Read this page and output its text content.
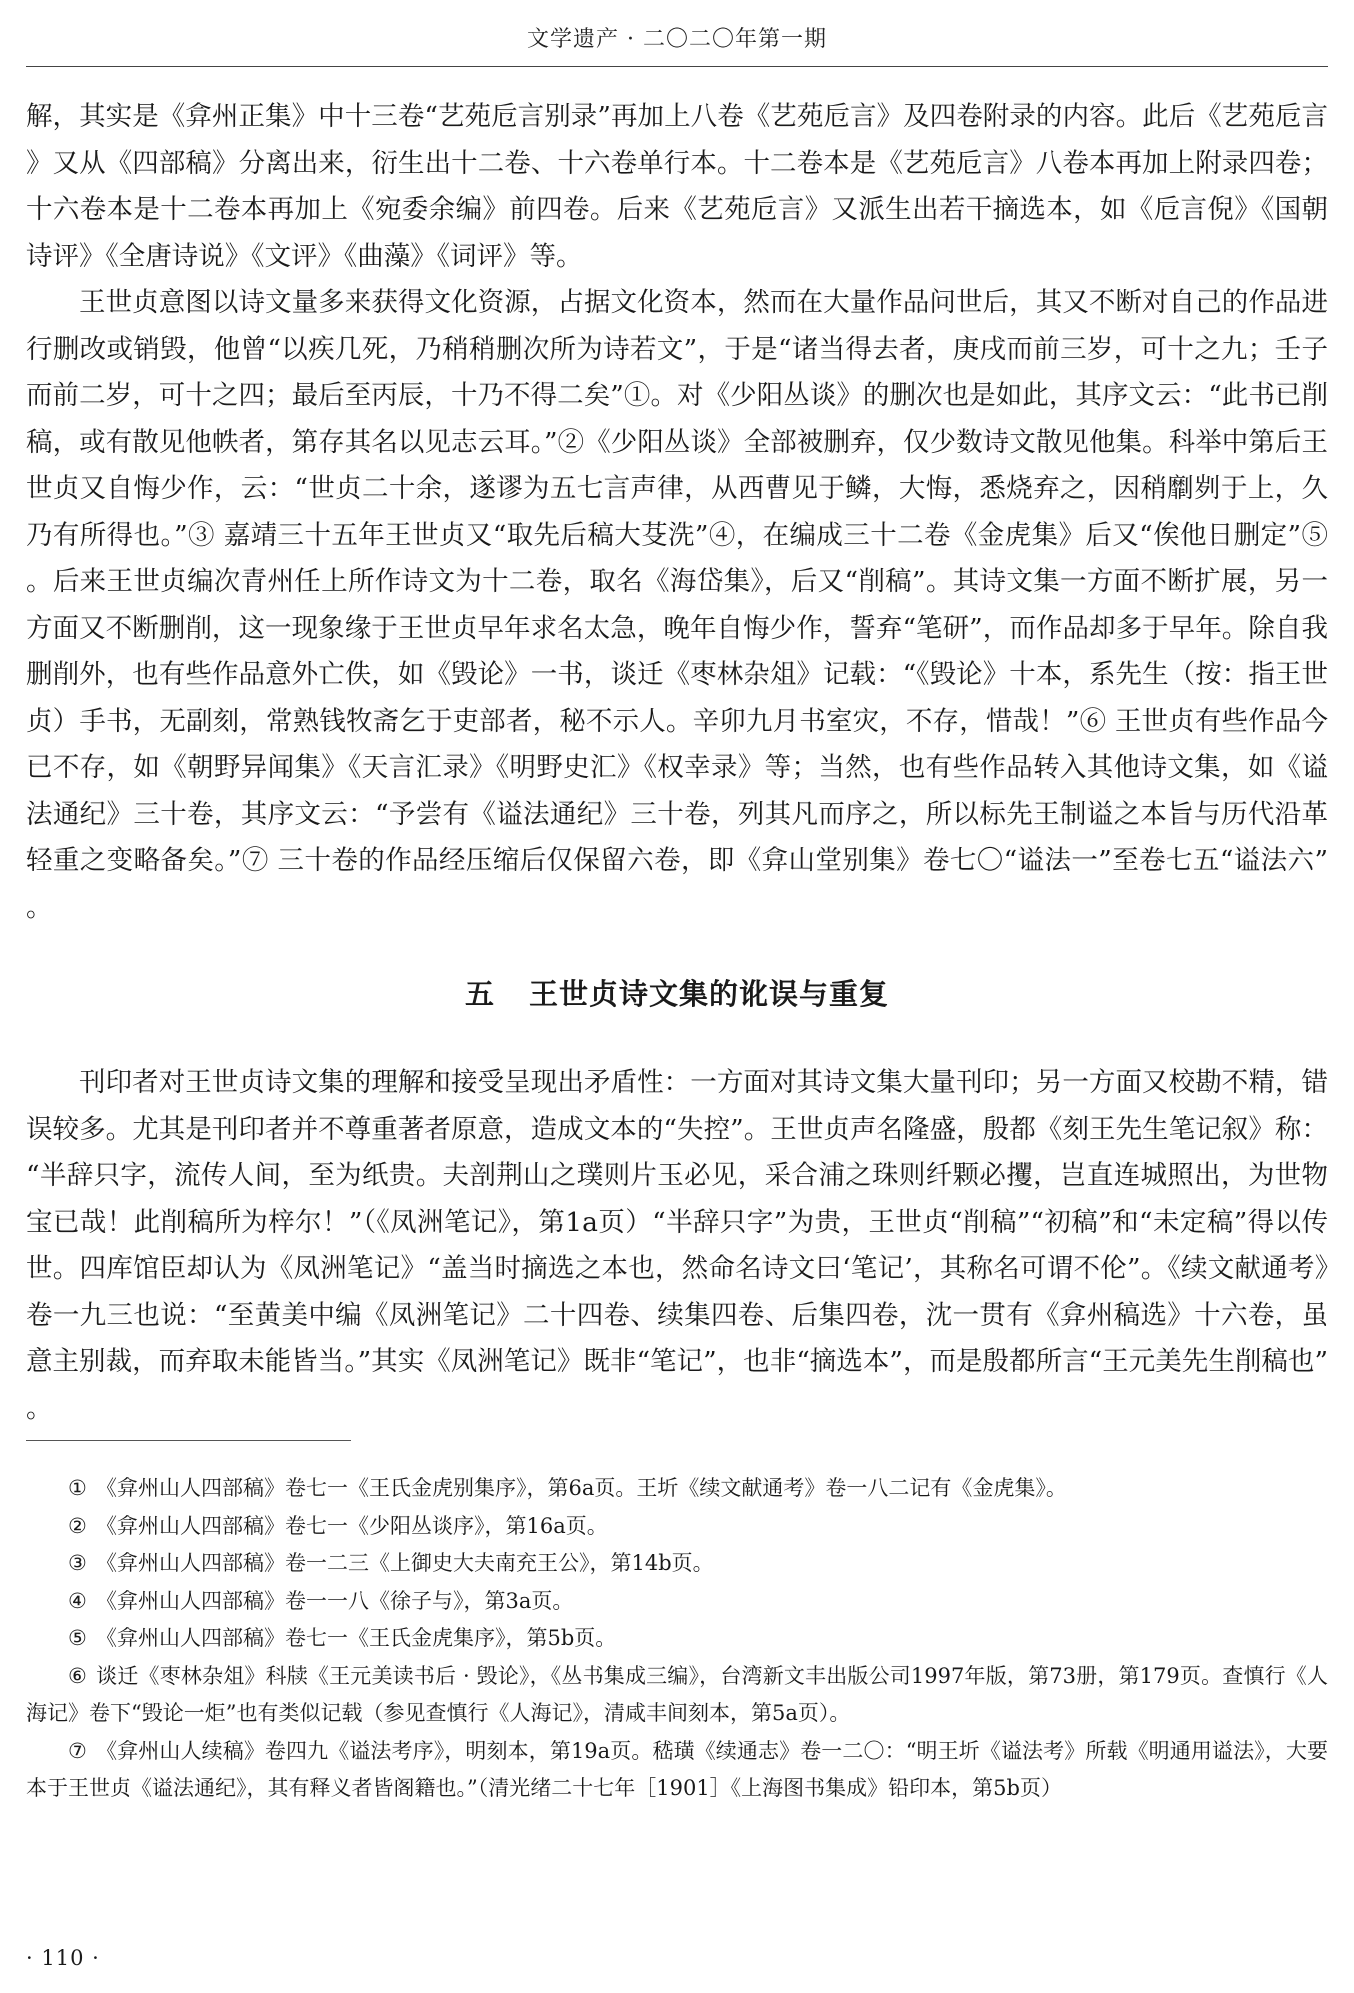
文学遗产 · 二〇二〇年第一期

解，其实是《弇州正集》中十三卷“艺苑卮言别录”再加上八卷《艺苑卮言》及四卷附录的内容。此后《艺苑卮言》又从《四部稿》分离出来，衍生出十二卷、十六卷单行本。十二卷本是《艺苑卮言》八卷本再加上附录四卷；十六卷本是十二卷本再加上《宛委余编》前四卷。后来《艺苑卮言》又派生出若干摘选本，如《卮言倪》《国朝诗评》《全唐诗说》《文评》《曲藻》《词评》等。

王世贞意图以诗文量多来获得文化资源，占据文化资本，然而在大量作品问世后，其又不断对自己的作品进行删改或销毁，他曾“以疾几死，乃稍稍删次所为诗若文”，于是“诸当得去者，庚戌而前三岁，可十之九；壬子而前二岁，可十之四；最后至丙辰，十乃不得二矣”①。对《少阳丛谈》的删次也是如此，其序文云：“此书已削稿，或有散见他帙者，第存其名以见志云耳。”②《少阳丛谈》全部被删弃，仅少数诗文散见他集。科举中第后王世贞又自悔少作，云：“世贞二十余，遂谬为五七言声律，从西曹见于鳞，大悔，悉烧弃之，因稍劘刿于上，久乃有所得也。”③ 嘉靖三十五年王世贞又“取先后稿大芟洗”④，在编成三十二卷《金虎集》后又“俟他日删定”⑤。后来王世贞编次青州任上所作诗文为十二卷，取名《海岱集》，后又“削稿”。其诗文集一方面不断扩展，另一方面又不断删削，这一现象缘于王世贞早年求名太急，晚年自悔少作，誓弃“笔研”，而作品却多于早年。除自我删削外，也有些作品意外亡佚，如《毁论》一书，谈迁《枣林杂俎》记载：“《毁论》十本，系先生（按：指王世贞）手书，无副刻，常熟钱牧斋乞于吏部者，秘不示人。辛卯九月书室灾，不存，惜哉！”⑥ 王世贞有些作品今已不存，如《朝野异闻集》《天言汇录》《明野史汇》《权幸录》等；当然，也有些作品转入其他诗文集，如《谥法通纪》三十卷，其序文云：“予尝有《谥法通纪》三十卷，列其凡而序之，所以标先王制谥之本旨与历代沿革轻重之变略备矣。”⑦ 三十卷的作品经压缩后仅保留六卷，即《弇山堂别集》卷七〇“谥法一”至卷七五“谥法六”。

五 王世贞诗文集的讹误与重复

刊印者对王世贞诗文集的理解和接受呈现出矛盾性：一方面对其诗文集大量刊印；另一方面又校勘不精，错误较多。尤其是刊印者并不尊重著者原意，造成文本的“失控”。王世贞声名隆盛，殷都《刻王先生笔记叙》称：“半辞只字，流传人间，至为纸贵。夫剖荆山之璞则片玉必见，采合浦之珠则纤颗必攫，岂直连城照出，为世物宝已哉！此削稿所为梓尔！”（《凤洲笔记》，第1a页）“半辞只字”为贵，王世贞“削稿”“初稿”和“未定稿”得以传世。四库馆臣却认为《凤洲笔记》“盖当时摘选之本也，然命名诗文曰‘笔记’，其称名可谓不伦”。《续文献通考》卷一九三也说：“至黄美中编《凤洲笔记》二十四卷、续集四卷、后集四卷，沈一贯有《弇州稿选》十六卷，虽意主别裁，而弃取未能皆当。”其实《凤洲笔记》既非“笔记”，也非“摘选本”，而是殷都所言“王元美先生削稿也”。

① 《弇州山人四部稿》卷七一《王氏金虎别集序》，第6a页。王圻《续文献通考》卷一八二记有《金虎集》。

② 《弇州山人四部稿》卷七一《少阳丛谈序》，第16a页。

③ 《弇州山人四部稿》卷一二三《上御史大夫南充王公》，第14b页。

④ 《弇州山人四部稿》卷一一八《徐子与》，第3a页。

⑤ 《弇州山人四部稿》卷七一《王氏金虎集序》，第5b页。

⑥ 谈迁《枣林杂俎》科牍《王元美读书后 · 毁论》，《丛书集成三编》，台湾新文丰出版公司1997年版，第73册，第179页。查慎行《人海记》卷下“毁论一炬”也有类似记载（参见查慎行《人海记》，清咸丰间刻本，第5a页）。

⑦ 《弇州山人续稿》卷四九《谥法考序》，明刻本，第19a页。嵇璜《续通志》卷一二〇：“明王圻《谥法考》所载《明通用谥法》，大要本于王世贞《谥法通纪》，其有释义者皆阁籍也。”（清光绪二十七年［1901］《上海图书集成》铅印本，第5b页）

· 110 ·
